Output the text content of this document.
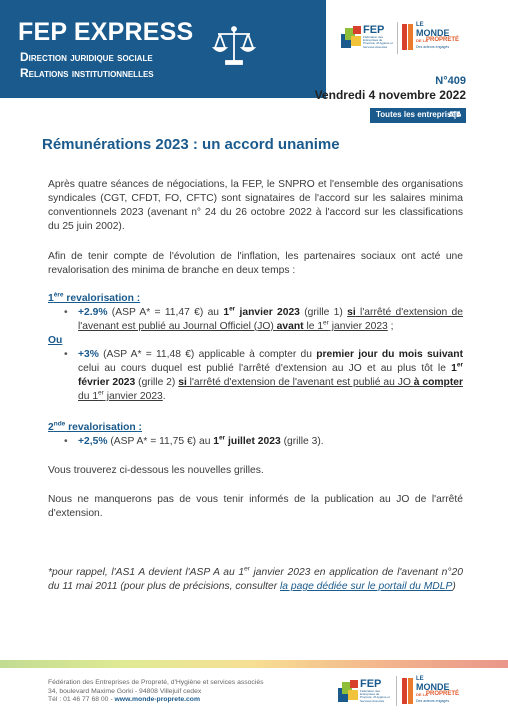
FEP EXPRESS
Direction juridique sociale
Relations institutionnelles
FEP
Fédération des Entreprises de Propreté, d'Hygiène et Services Associés
LE
MONDE
DE LA
PROPRETÉ
Des acteurs engagés
N°409
Vendredi 4 novembre 2022
Toutes les entreprises
Rémunérations 2023 : un accord unanime
Après quatre séances de négociations, la FEP, le SNPRO et l'ensemble des organisations syndicales (CGT, CFDT, FO, CFTC) sont signataires de l'accord sur les salaires minima conventionnels 2023 (avenant n° 24 du 26 octobre 2022 à l'accord sur les classifications du 25 juin 2002).
Afin de tenir compte de l'évolution de l'inflation, les partenaires sociaux ont acté une revalorisation des minima de branche en deux temps :
1ère revalorisation :
• +2.9% (ASP A* = 11,47 €) au 1er janvier 2023 (grille 1) si l'arrêté d'extension de l'avenant est publié au Journal Officiel (JO) avant le 1er janvier 2023 ;
Ou
• +3% (ASP A* = 11,48 €) applicable à compter du premier jour du mois suivant celui au cours duquel est publié l'arrêté d'extension au JO et au plus tôt le 1er février 2023 (grille 2) si l'arrêté d'extension de l'avenant est publié au JO à compter du 1er janvier 2023.
2nde revalorisation :
• +2,5% (ASP A* = 11,75 €) au 1er juillet 2023 (grille 3).
Vous trouverez ci-dessous les nouvelles grilles.
Nous ne manquerons pas de vous tenir informés de la publication au JO de l'arrêté d'extension.
*pour rappel, l'AS1 A devient l'ASP A au 1er janvier 2023 en application de l'avenant n°20 du 11 mai 2011 (pour plus de précisions, consulter la page dédiée sur le portail du MDLP)
Fédération des Entreprises de Propreté, d'Hygiène et services associés
34, boulevard Maxime Gorki - 94808 Villejuif cedex
Tél : 01 46 77 68 00 - www.monde-proprete.com
FEP
Fédération des Entreprises de Propreté, d'Hygiène et Services Associés
LE
MONDE
DE LA
PROPRETÉ
Des acteurs engagés
